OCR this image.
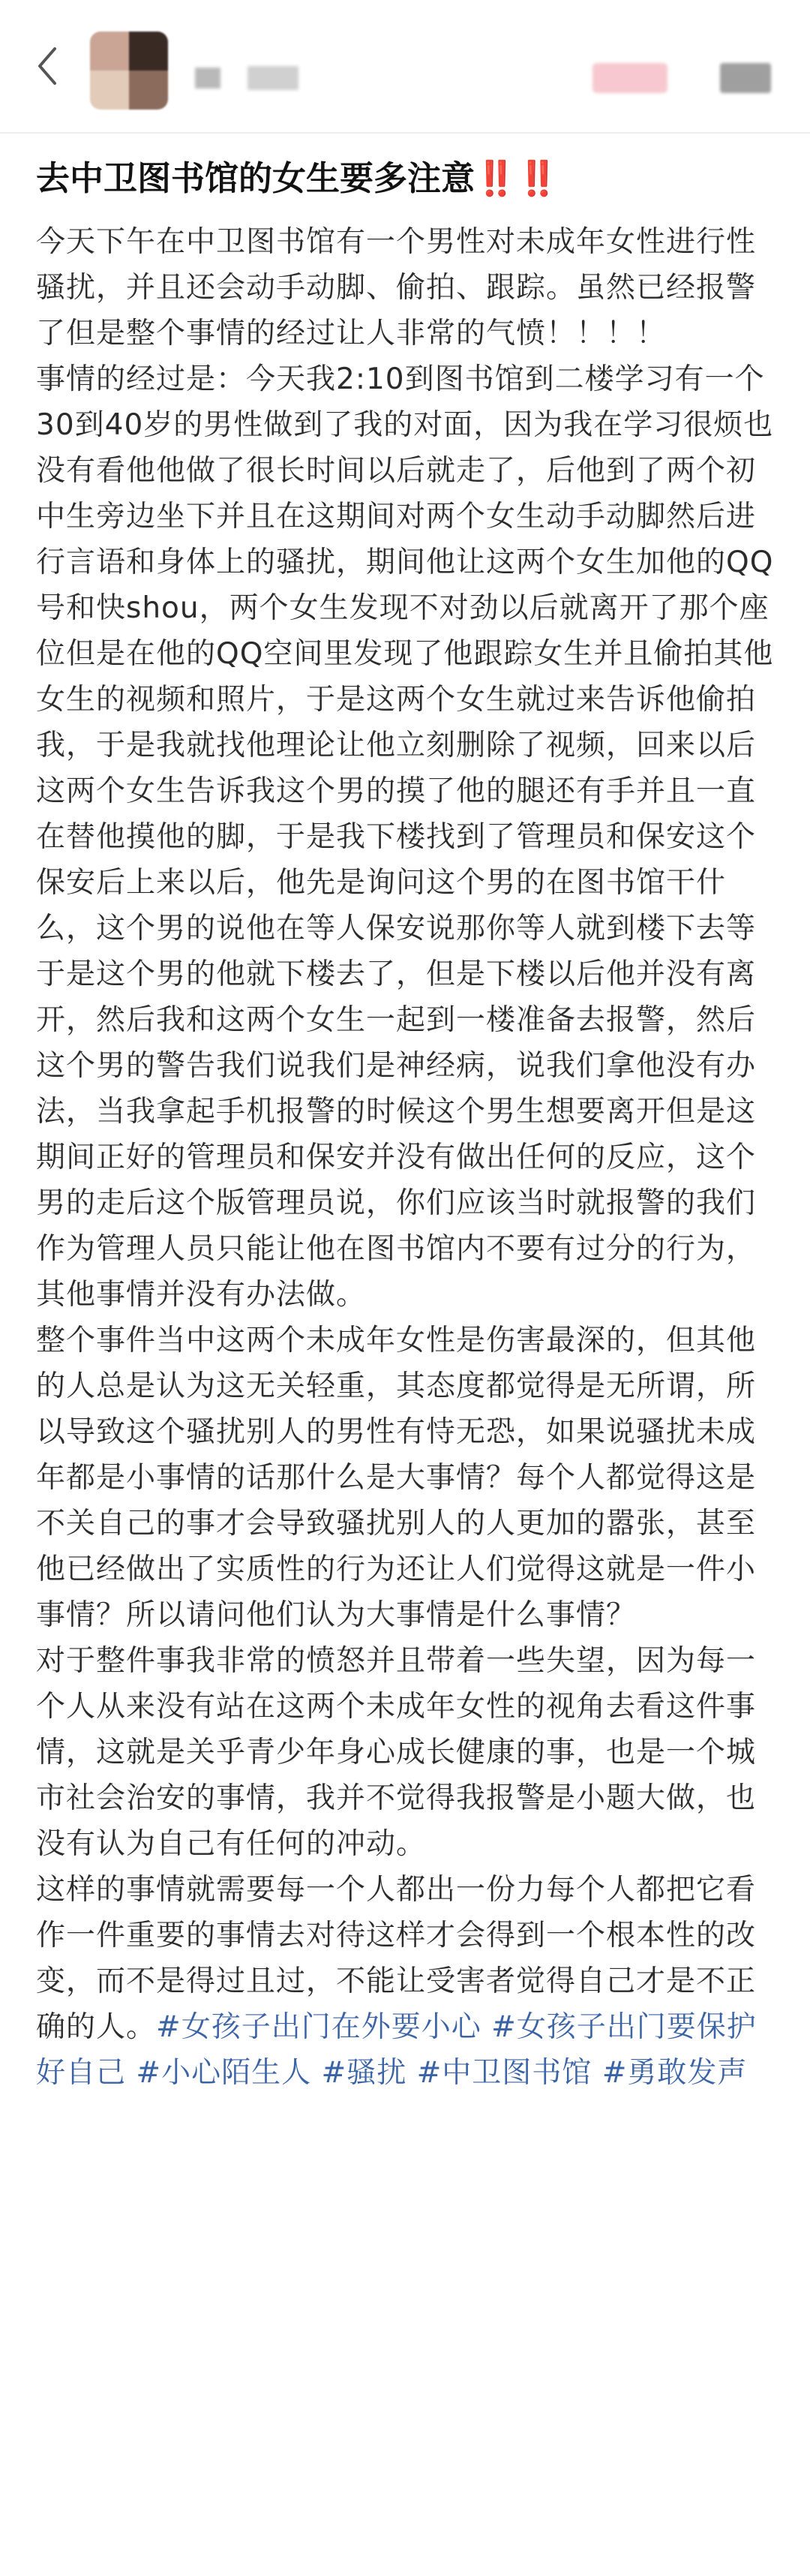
去中卫图书馆的女生要多注意‼️‼️

今天下午在中卫图书馆有一个男性对未成年女性进行性骚扰，并且还会动手动脚、偷拍、跟踪。虽然已经报警了但是整个事情的经过让人非常的气愤！！！！

事情的经过是：今天我2:10到图书馆到二楼学习有一个30到40岁的男性做到了我的对面，因为我在学习很烦也没有看他他做了很长时间以后就走了，后他到了两个初中生旁边坐下并且在这期间对两个女生动手动脚然后进行言语和身体上的骚扰，期间他让这两个女生加他的QQ号和快shou，两个女生发现不对劲以后就离开了那个座位但是在他的QQ空间里发现了他跟踪女生并且偷拍其他女生的视频和照片，于是这两个女生就过来告诉他偷拍我，于是我就找他理论让他立刻删除了视频，回来以后这两个女生告诉我这个男的摸了他的腿还有手并且一直在替他摸他的脚，于是我下楼找到了管理员和保安这个保安后上来以后，他先是询问这个男的在图书馆干什么，这个男的说他在等人保安说那你等人就到楼下去等于是这个男的他就下楼去了，但是下楼以后他并没有离开，然后我和这两个女生一起到一楼准备去报警，然后这个男的警告我们说我们是神经病，说我们拿他没有办法，当我拿起手机报警的时候这个男生想要离开但是这期间正好的管理员和保安并没有做出任何的反应，这个男的走后这个版管理员说，你们应该当时就报警的我们作为管理人员只能让他在图书馆内不要有过分的行为，其他事情并没有办法做。

整个事件当中这两个未成年女性是伤害最深的，但其他的人总是认为这无关轻重，其态度都觉得是无所谓，所以导致这个骚扰别人的男性有恃无恐，如果说骚扰未成年都是小事情的话那什么是大事情？每个人都觉得这是不关自己的事才会导致骚扰别人的人更加的嚣张，甚至他已经做出了实质性的行为还让人们觉得这就是一件小事情？所以请问他们认为大事情是什么事情？

对于整件事我非常的愤怒并且带着一些失望，因为每一个人从来没有站在这两个未成年女性的视角去看这件事情，这就是关乎青少年身心成长健康的事，也是一个城市社会治安的事情，我并不觉得我报警是小题大做，也没有认为自己有任何的冲动。

这样的事情就需要每一个人都出一份力每个人都把它看作一件重要的事情去对待这样才会得到一个根本性的改变，而不是得过且过，不能让受害者觉得自己才是不正确的人。#女孩子出门在外要小心 #女孩子出门要保护好自己 #小心陌生人 #骚扰 #中卫图书馆 #勇敢发声
